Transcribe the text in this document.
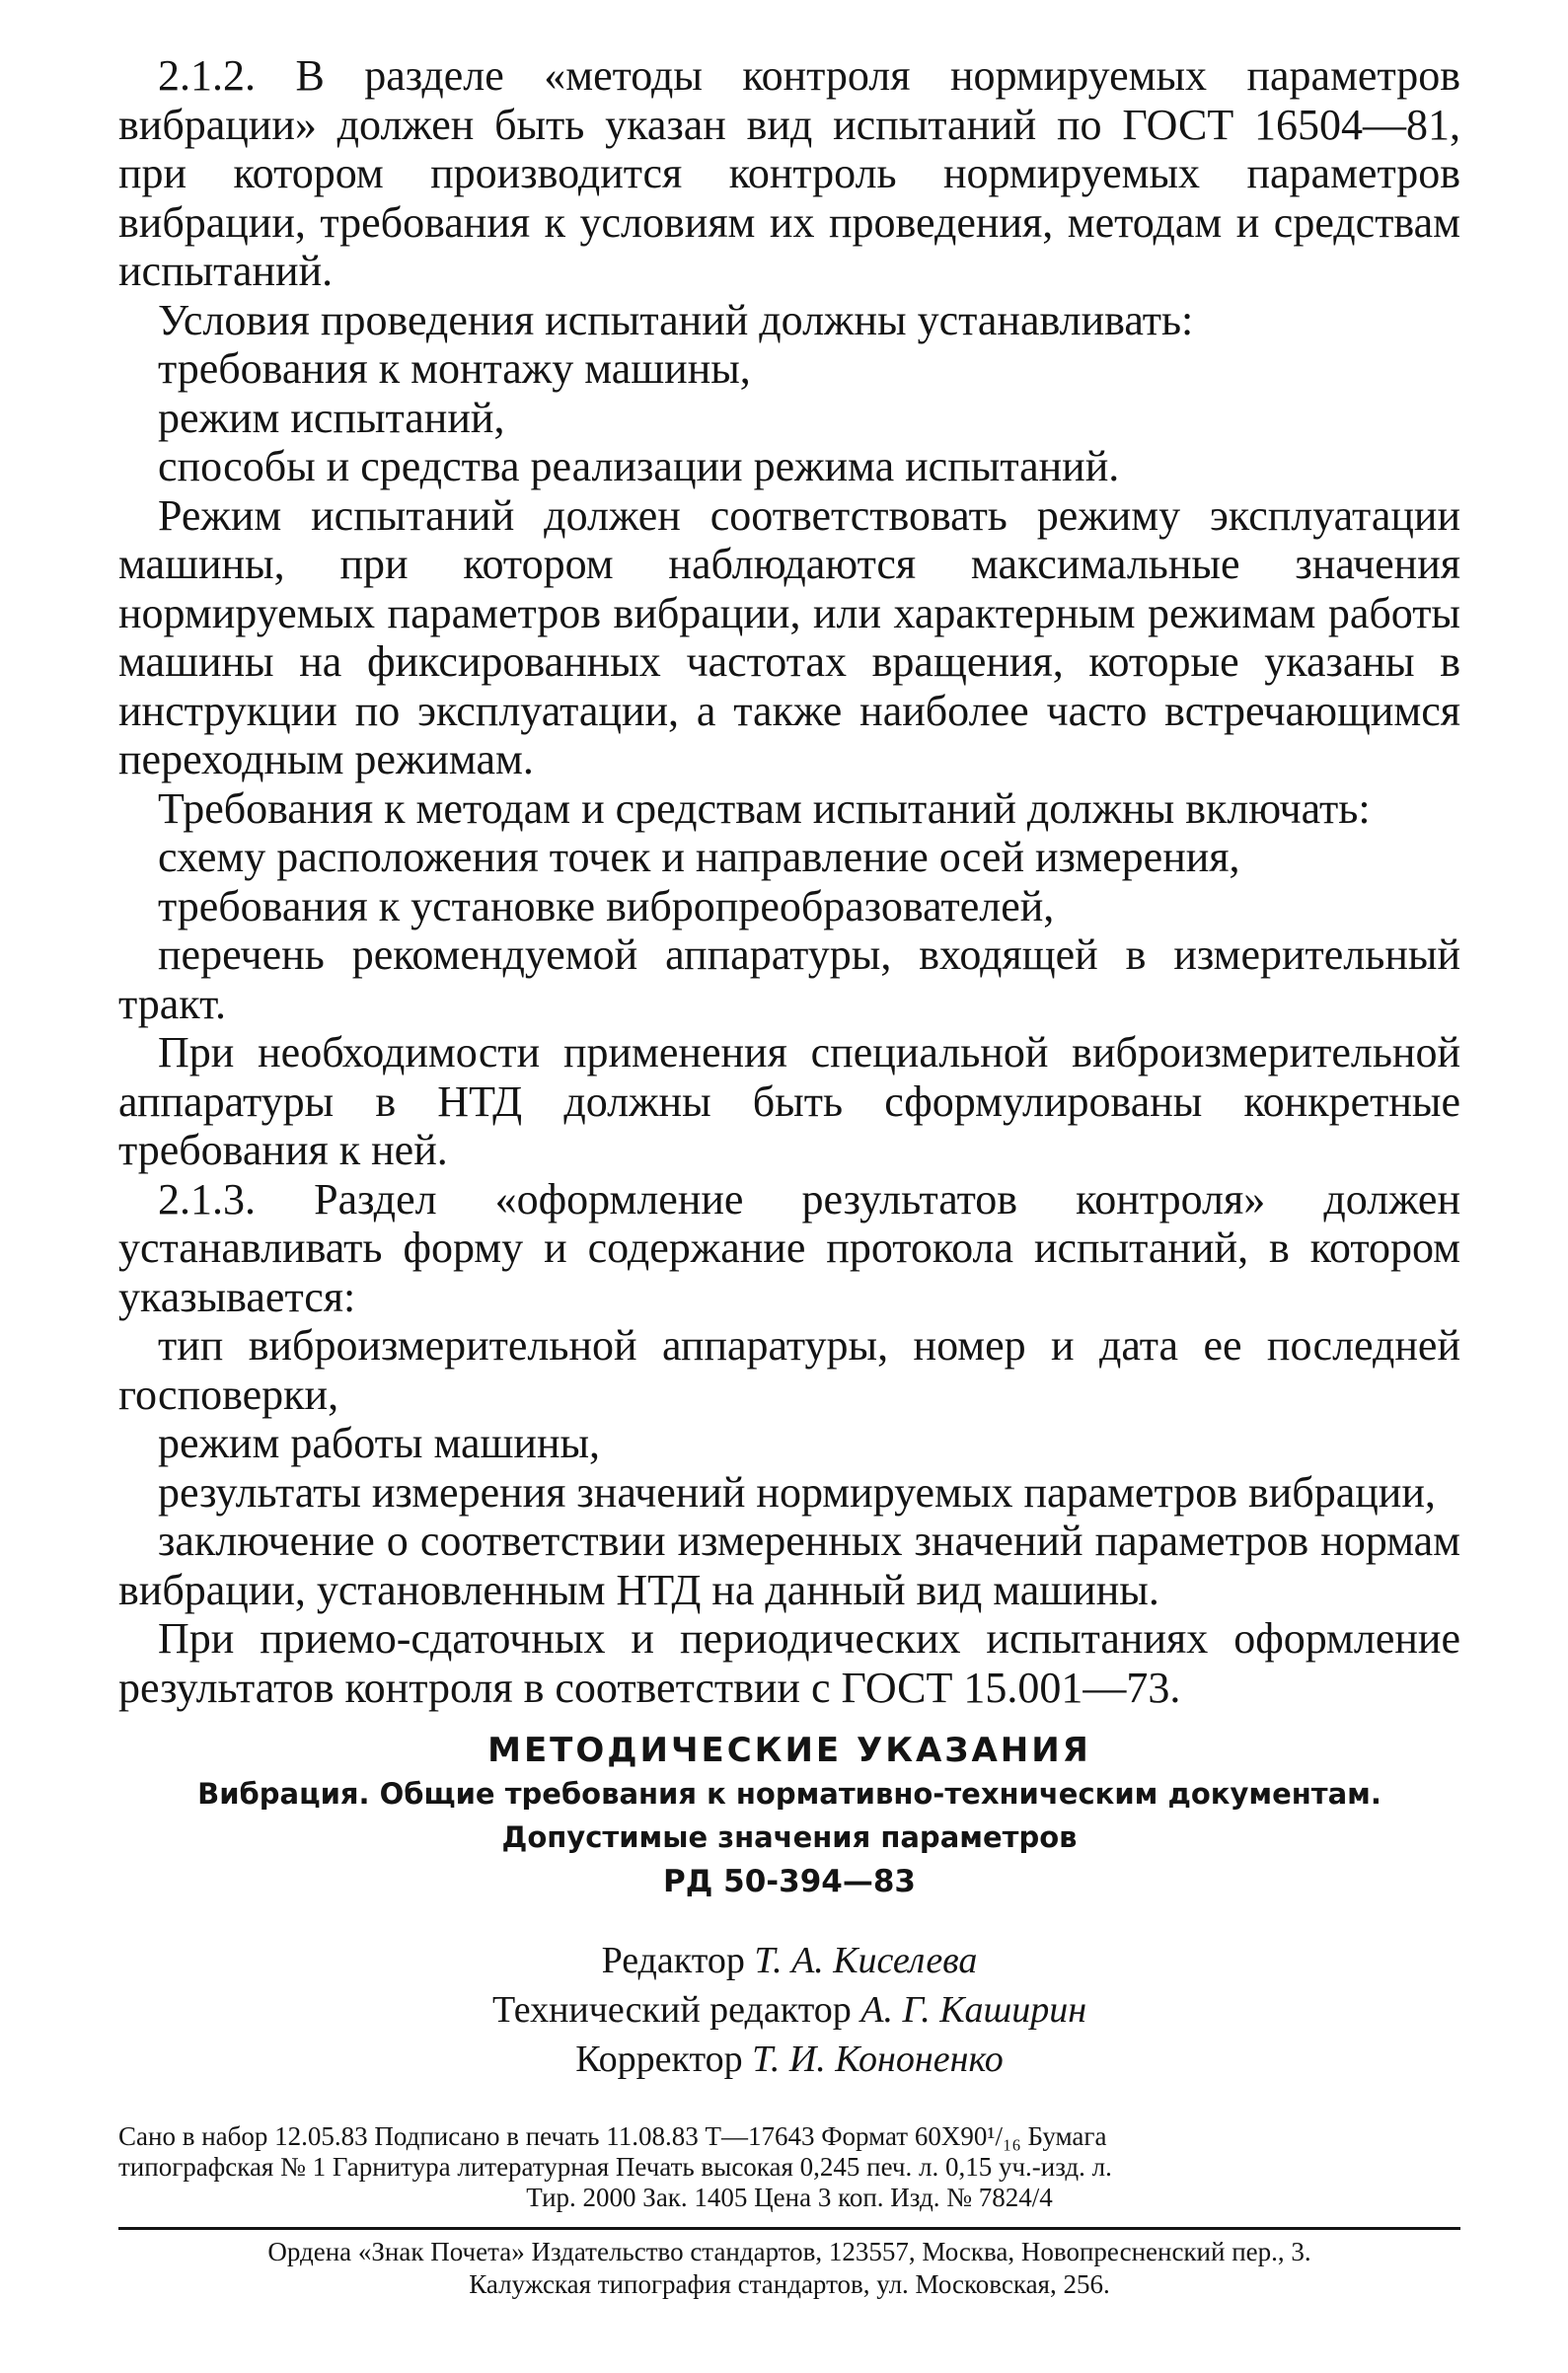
2.1.2. В разделе «методы контроля нормируемых параметров вибрации» должен быть указан вид испытаний по ГОСТ 16504—81, при котором производится контроль нормируемых параметров вибрации, требования к условиям их проведения, методам и средствам испытаний.

Условия проведения испытаний должны устанавливать:

требования к монтажу машины,

режим испытаний,

способы и средства реализации режима испытаний.

Режим испытаний должен соответствовать режиму эксплуатации машины, при котором наблюдаются максимальные значения нормируемых параметров вибрации, или характерным режимам работы машины на фиксированных частотах вращения, которые указаны в инструкции по эксплуатации, а также наиболее часто встречающимся переходным режимам.

Требования к методам и средствам испытаний должны включать:

схему расположения точек и направление осей измерения,

требования к установке вибропреобразователей,

перечень рекомендуемой аппаратуры, входящей в измерительный тракт.

При необходимости применения специальной виброизмерительной аппаратуры в НТД должны быть сформулированы конкретные требования к ней.

2.1.3. Раздел «оформление результатов контроля» должен устанавливать форму и содержание протокола испытаний, в котором указывается:

тип виброизмерительной аппаратуры, номер и дата ее последней госповерки,

режим работы машины,

результаты измерения значений нормируемых параметров вибрации,

заключение о соответствии измеренных значений параметров нормам вибрации, установленным НТД на данный вид машины.

При приемо-сдаточных и периодических испытаниях оформление результатов контроля в соответствии с ГОСТ 15.001—73.

МЕТОДИЧЕСКИЕ УКАЗАНИЯ
Вибрация. Общие требования к нормативно-техническим документам.
Допустимые значения параметров
РД 50-394—83
Редактор Т. А. Киселева
Технический редактор А. Г. Каширин
Корректор Т. И. Кононенко

Сано в набор 12.05.83 Подписано в печать 11.08.83 Т—17643 Формат 60Х90¹/₁₆ Бумага

типографская № 1 Гарнитура литературная Печать высокая 0,245 печ. л. 0,15 уч.-изд. л.

Тир. 2000 Зак. 1405 Цена 3 коп. Изд. № 7824/4

Ордена «Знак Почета» Издательство стандартов, 123557, Москва, Новопресненский пер., 3.
Калужская типография стандартов, ул. Московская, 256.
